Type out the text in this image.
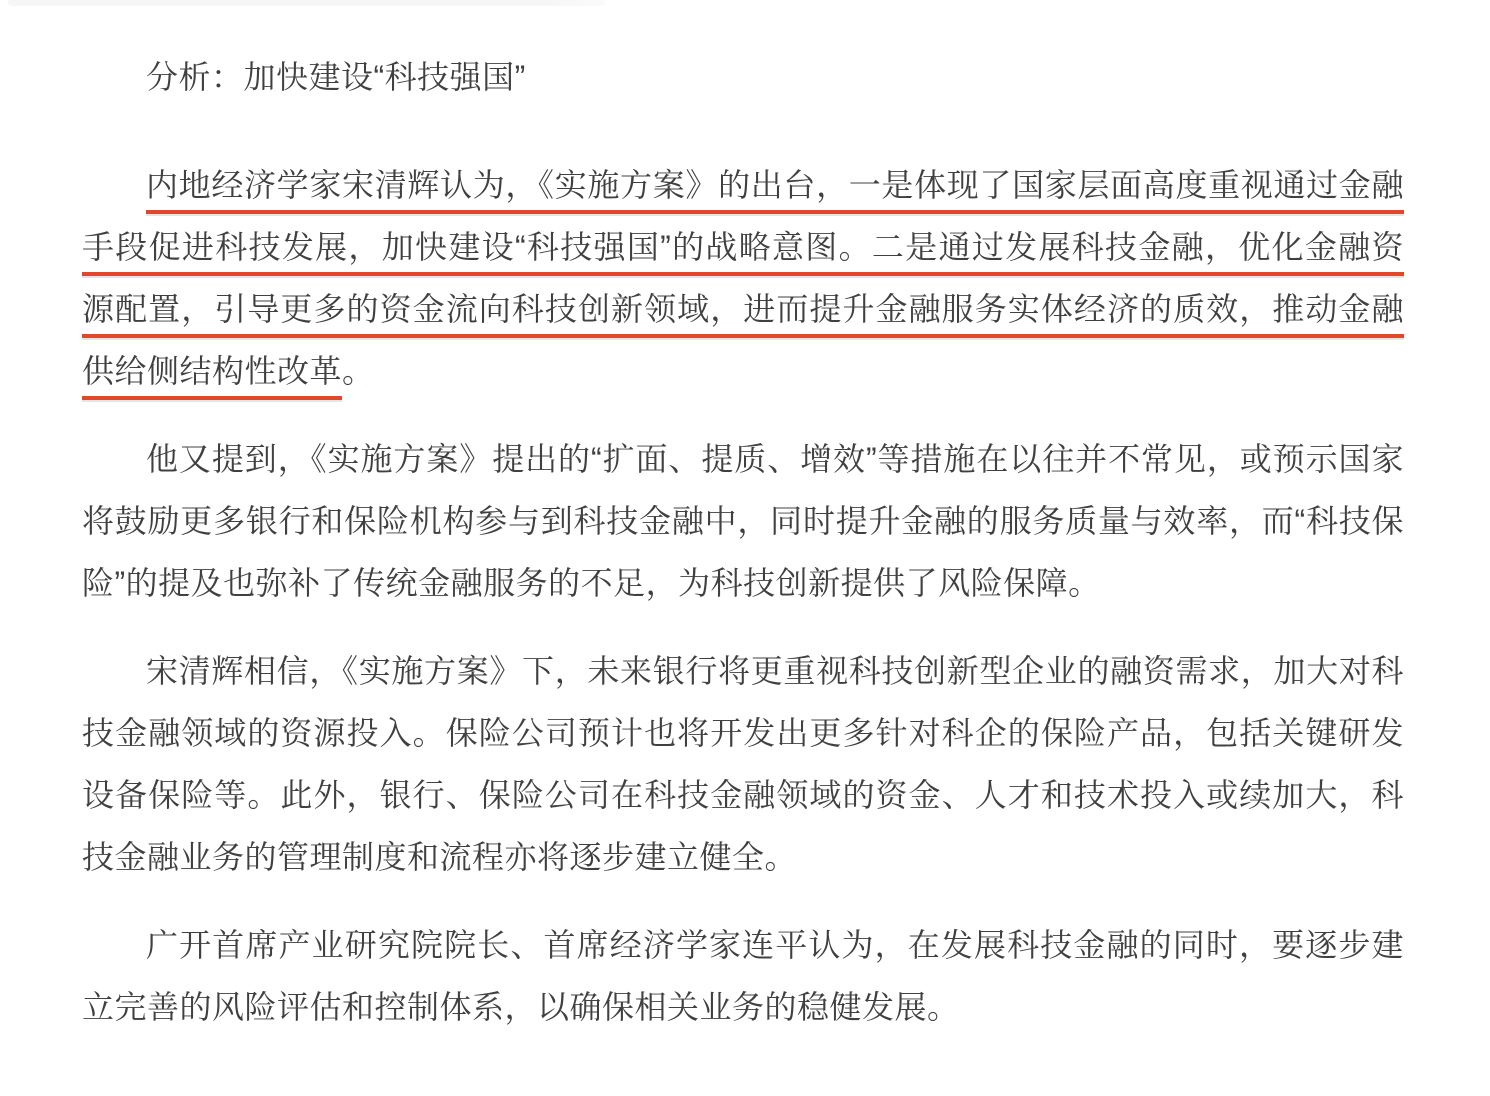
分析：加快建设“科技强国”

内地经济学家宋清辉认为，《实施方案》的出台，一是体现了国家层面高度重视通过金融手段促进科技发展，加快建设“科技强国”的战略意图。二是通过发展科技金融，优化金融资源配置，引导更多的资金流向科技创新领域，进而提升金融服务实体经济的质效，推动金融供给侧结构性改革。

他又提到，《实施方案》提出的“扩面、提质、增效”等措施在以往并不常见，或预示国家将鼓励更多银行和保险机构参与到科技金融中，同时提升金融的服务质量与效率，而“科技保险”的提及也弥补了传统金融服务的不足，为科技创新提供了风险保障。

宋清辉相信，《实施方案》下，未来银行将更重视科技创新型企业的融资需求，加大对科技金融领域的资源投入。保险公司预计也将开发出更多针对科企的保险产品，包括关键研发设备保险等。此外，银行、保险公司在科技金融领域的资金、人才和技术投入或续加大，科技金融业务的管理制度和流程亦将逐步建立健全。

广开首席产业研究院院长、首席经济学家连平认为，在发展科技金融的同时，要逐步建立完善的风险评估和控制体系，以确保相关业务的稳健发展。
